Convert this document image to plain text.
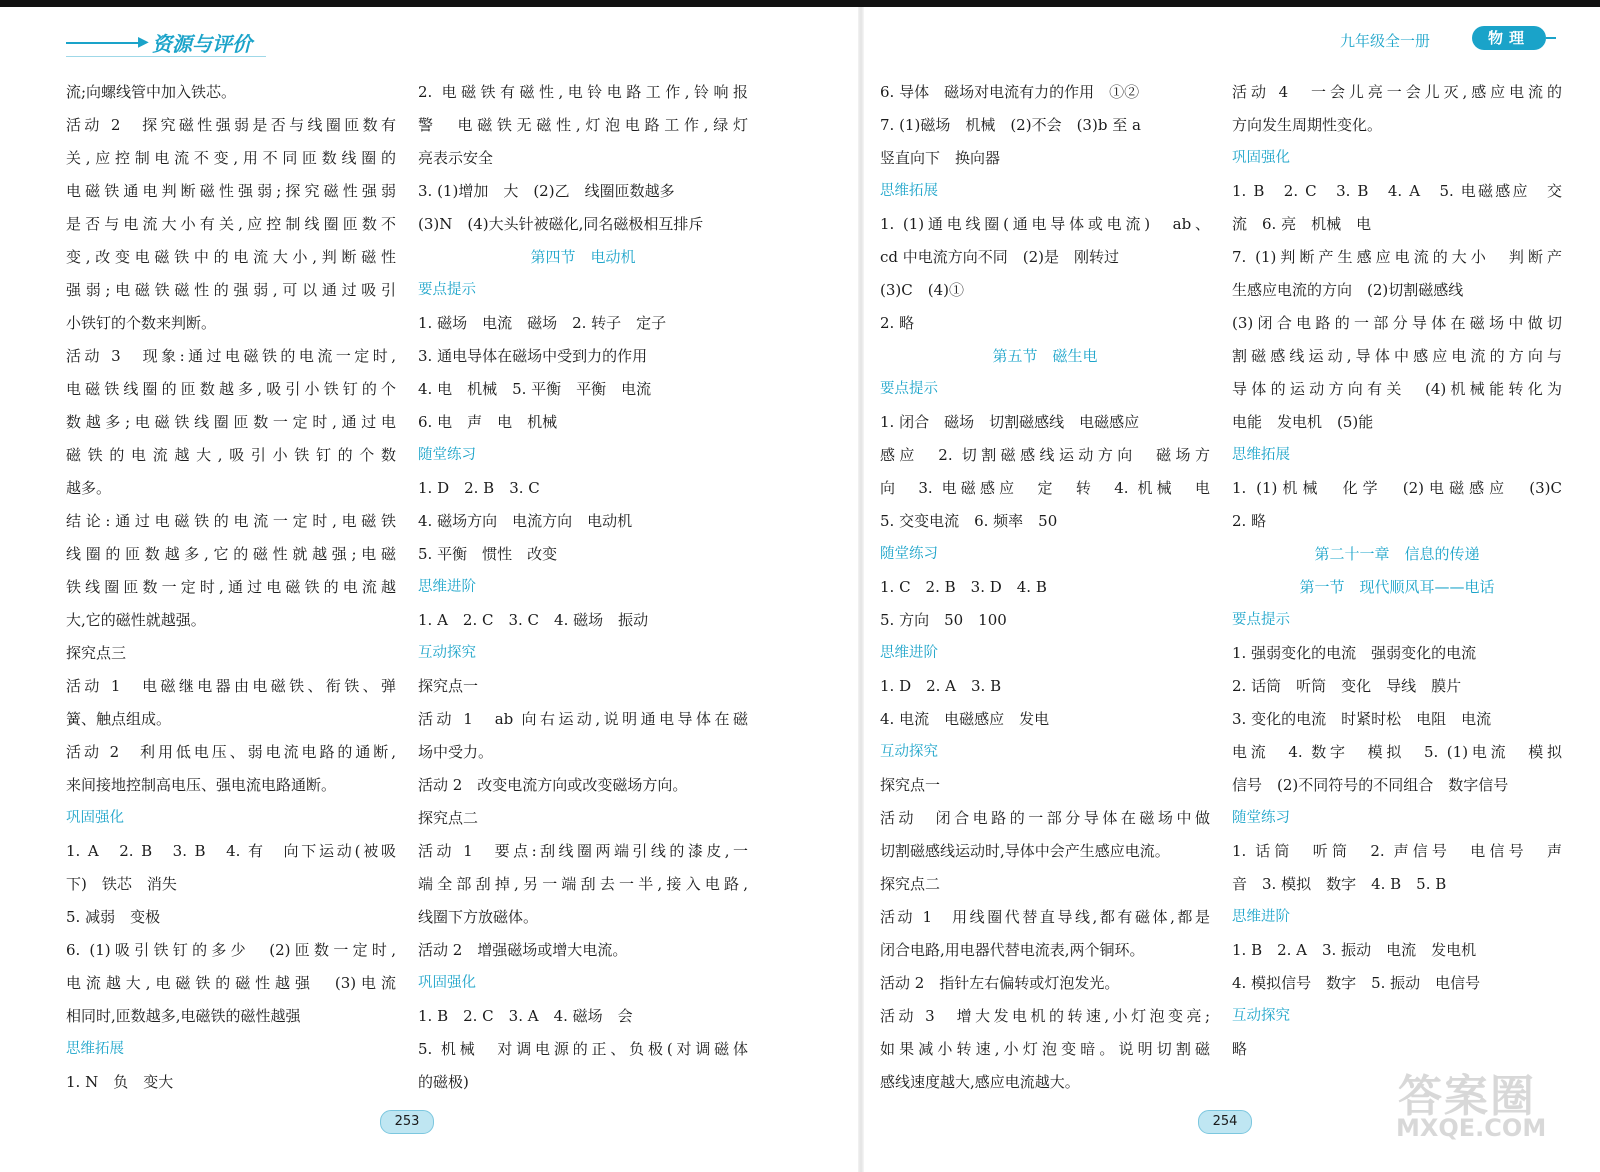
▶ 资源与评价	九年级全一册	物理
流;向螺线管中加入铁芯。
活动 2　探究磁性强弱是否与线圈匝数有
关,应控制电流不变,用不同匝数线圈的
电磁铁通电判断磁性强弱;探究磁性强弱
是否与电流大小有关,应控制线圈匝数不
变,改变电磁铁中的电流大小,判断磁性
强弱;电磁铁磁性的强弱,可以通过吸引
小铁钉的个数来判断。
活动 3　现象:通过电磁铁的电流一定时,
电磁铁线圈的匝数越多,吸引小铁钉的个
数越多;电磁铁线圈匝数一定时,通过电
磁铁的电流越大,吸引小铁钉的个数
越多。
结论:通过电磁铁的电流一定时,电磁铁
线圈的匝数越多,它的磁性就越强;电磁
铁线圈匝数一定时,通过电磁铁的电流越
大,它的磁性就越强。
探究点三
活动 1　电磁继电器由电磁铁、衔铁、弹
簧、触点组成。
活动 2　利用低电压、弱电流电路的通断,
来间接地控制高电压、强电流电路通断。
巩固强化
1. A　2. B　3. B　4. 有　向下运动(被吸
下)　铁芯　消失
5. 减弱　变极
6. (1)吸引铁钉的多少　(2)匝数一定时,
电流越大,电磁铁的磁性越强　(3)电流
相同时,匝数越多,电磁铁的磁性越强
思维拓展
1. N　负　变大
2. 电磁铁有磁性,电铃电路工作,铃响报
警　电磁铁无磁性,灯泡电路工作,绿灯
亮表示安全
3. (1)增加　大　(2)乙　线圈匝数越多
(3)N　(4)大头针被磁化,同名磁极相互排斥
第四节　电动机
要点提示
1. 磁场　电流　磁场　2. 转子　定子
3. 通电导体在磁场中受到力的作用
4. 电　机械　5. 平衡　平衡　电流
6. 电　声　电　机械
随堂练习
1. D　2. B　3. C
4. 磁场方向　电流方向　电动机
5. 平衡　惯性　改变
思维进阶
1. A　2. C　3. C　4. 磁场　振动
互动探究
探究点一
活动 1　ab 向右运动,说明通电导体在磁
场中受力。
活动 2　改变电流方向或改变磁场方向。
探究点二
活动 1　要点:刮线圈两端引线的漆皮,一
端全部刮掉,另一端刮去一半,接入电路,
线圈下方放磁体。
活动 2　增强磁场或增大电流。
巩固强化
1. B　2. C　3. A　4. 磁场　会
5. 机械　对调电源的正、负极(对调磁体
的磁极)
6. 导体　磁场对电流有力的作用　①②
7. (1)磁场　机械　(2)不会　(3)b 至 a
竖直向下　换向器
思维拓展
1. (1)通电线圈(通电导体或电流)　ab、
cd 中电流方向不同　(2)是　刚转过
(3)C　(4)①
2. 略
第五节　磁生电
要点提示
1. 闭合　磁场　切割磁感线　电磁感应
感应　2. 切割磁感线运动方向　磁场方
向　3. 电磁感应　定　转　4. 机械　电
5. 交变电流　6. 频率　50
随堂练习
1. C　2. B　3. D　4. B
5. 方向　50　100
思维进阶
1. D　2. A　3. B
4. 电流　电磁感应　发电
互动探究
探究点一
活动　闭合电路的一部分导体在磁场中做
切割磁感线运动时,导体中会产生感应电流。
探究点二
活动 1　用线圈代替直导线,都有磁体,都是
闭合电路,用电器代替电流表,两个铜环。
活动 2　指针左右偏转或灯泡发光。
活动 3　增大发电机的转速,小灯泡变亮;
如果减小转速,小灯泡变暗。说明切割磁
感线速度越大,感应电流越大。
活动 4　一会儿亮一会儿灭,感应电流的
方向发生周期性变化。
巩固强化
1. B　2. C　3. B　4. A　5. 电磁感应　交
流　6. 亮　机械　电
7. (1)判断产生感应电流的大小　判断产
生感应电流的方向　(2)切割磁感线
(3)闭合电路的一部分导体在磁场中做切
割磁感线运动,导体中感应电流的方向与
导体的运动方向有关　(4)机械能转化为
电能　发电机　(5)能
思维拓展
1. (1)机械　化学　(2)电磁感应　(3)C
2. 略
第二十一章　信息的传递
第一节　现代顺风耳——电话
要点提示
1. 强弱变化的电流　强弱变化的电流
2. 话筒　听筒　变化　导线　膜片
3. 变化的电流　时紧时松　电阻　电流
电流　4. 数字　模拟　5. (1)电流　模拟
信号　(2)不同符号的不同组合　数字信号
随堂练习
1. 话筒　听筒　2. 声信号　电信号　声
音　3. 模拟　数字　4. B　5. B
思维进阶
1. B　2. A　3. 振动　电流　发电机
4. 模拟信号　数字　5. 振动　电信号
互动探究
略
253	254	答案圈
MXQE.COM
